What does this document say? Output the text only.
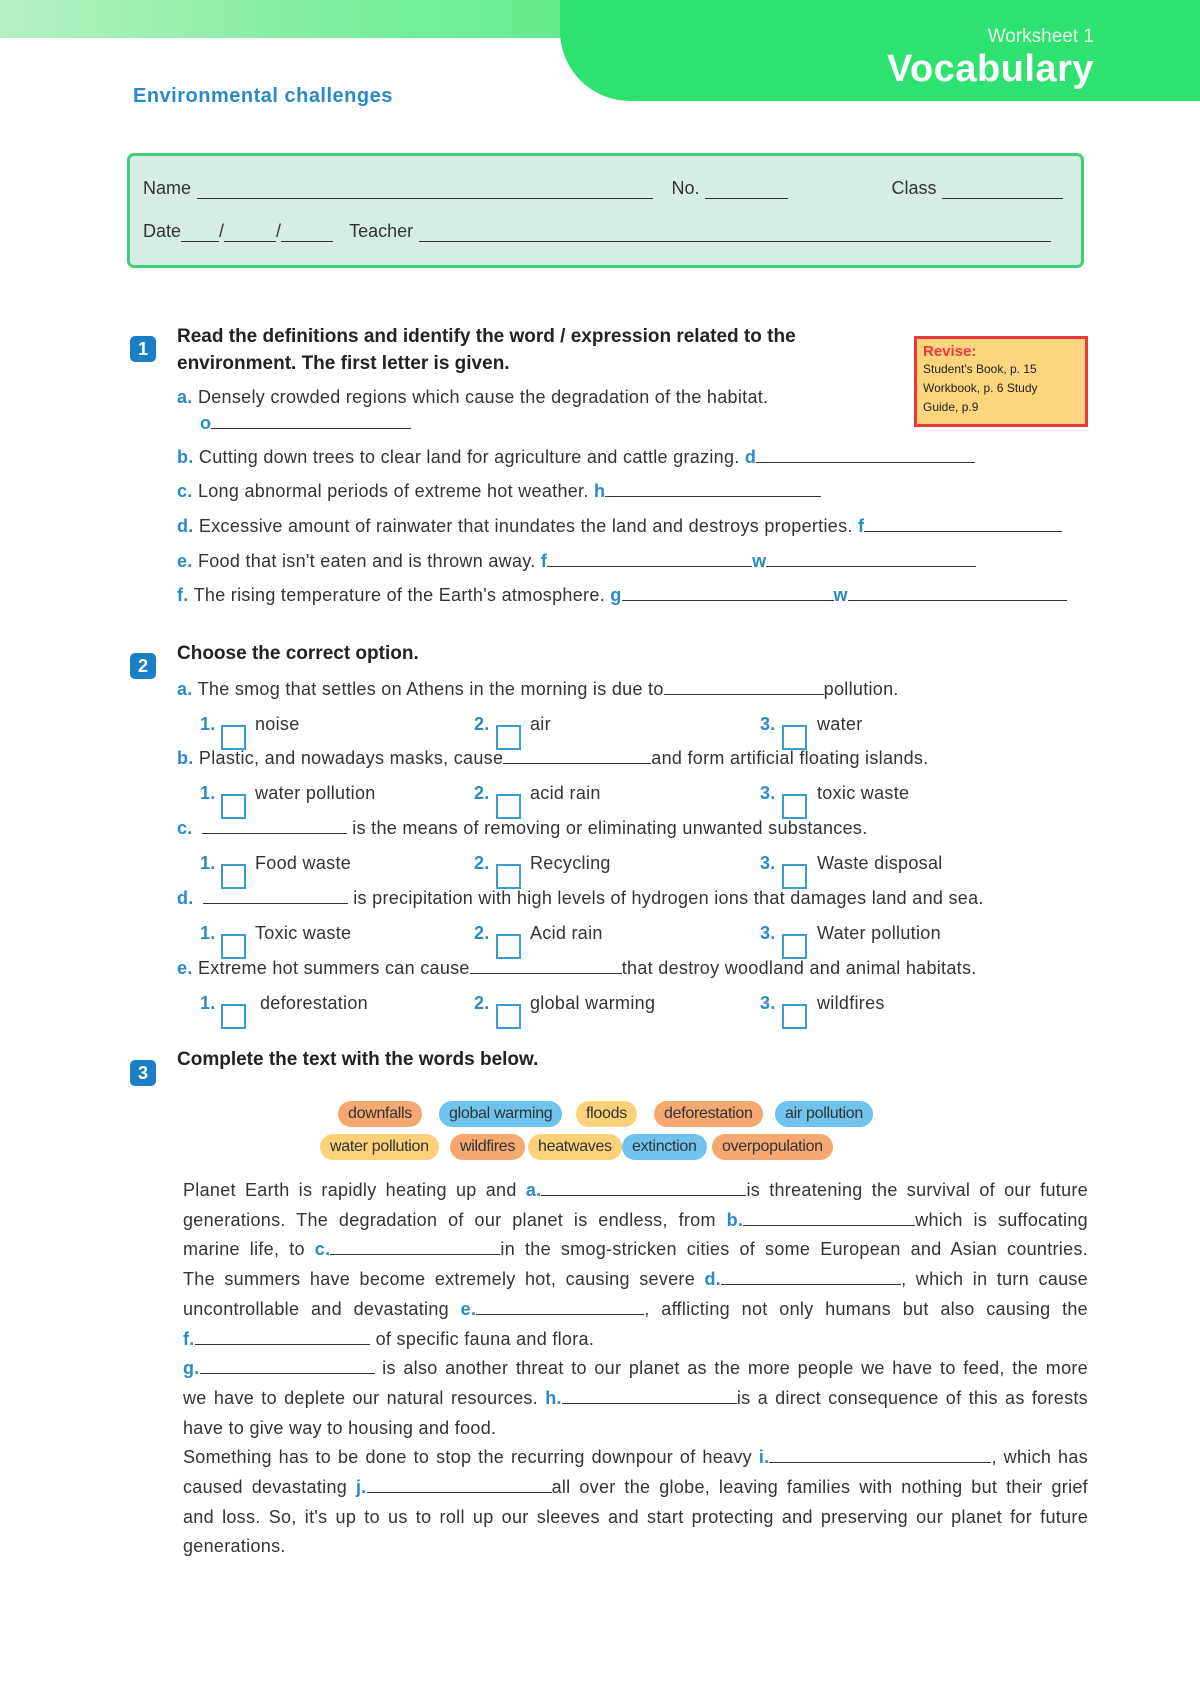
Worksheet 1
Vocabulary
Environmental challenges
Name	No.	Class
Date /	/	Teacher
1
Read the definitions and identify the word / expression related to the
environment. The first letter is given.
Revise:
Student's Book, p. 15
Workbook, p. 6 Study
Guide, p.9
a. Densely crowded regions which cause the degradation of the habitat.
o
b. Cutting down trees to clear land for agriculture and cattle grazing. d
c. Long abnormal periods of extreme hot weather. h
d. Excessive amount of rainwater that inundates the land and destroys properties. f
e. Food that isn't eaten and is thrown away. f	w
f. The rising temperature of the Earth's atmosphere. g	w
2
Choose the correct option.
a. The smog that settles on Athens in the morning is due to	pollution.
1. noise	2. air	3. water
b. Plastic, and nowadays masks, cause	and form artificial floating islands.
1. water pollution	2. acid rain	3. toxic waste
c.	is the means of removing or eliminating unwanted substances.
1. Food waste	2. Recycling	3. Waste disposal
d.	is precipitation with high levels of hydrogen ions that damages land and sea.
1. Toxic waste	2. Acid rain	3. Water pollution
e. Extreme hot summers can cause	that destroy woodland and animal habitats.
1. deforestation	2. global warming	3. wildfires
3
Complete the text with the words below.
downfalls	global warming	floods	deforestation	air pollution
water pollution	wildfires	heatwaves	extinction	overpopulation
Planet Earth is rapidly heating up and a.	is threatening the survival of our future
generations. The degradation of our planet is endless, from b.	which is suffocating
marine life, to c.	in the smog-stricken cities of some European and Asian countries.
The summers have become extremely hot, causing severe d.	, which in turn cause
uncontrollable and devastating e.	, afflicting not only humans but also causing the
f.	of specific fauna and flora.
g.	is also another threat to our planet as the more people we have to feed, the more
we have to deplete our natural resources. h.	is a direct consequence of this as forests
have to give way to housing and food.
Something has to be done to stop the recurring downpour of heavy i.	, which has
caused devastating j.	all over the globe, leaving families with nothing but their grief
and loss. So, it's up to us to roll up our sleeves and start protecting and preserving our planet for future
generations.
